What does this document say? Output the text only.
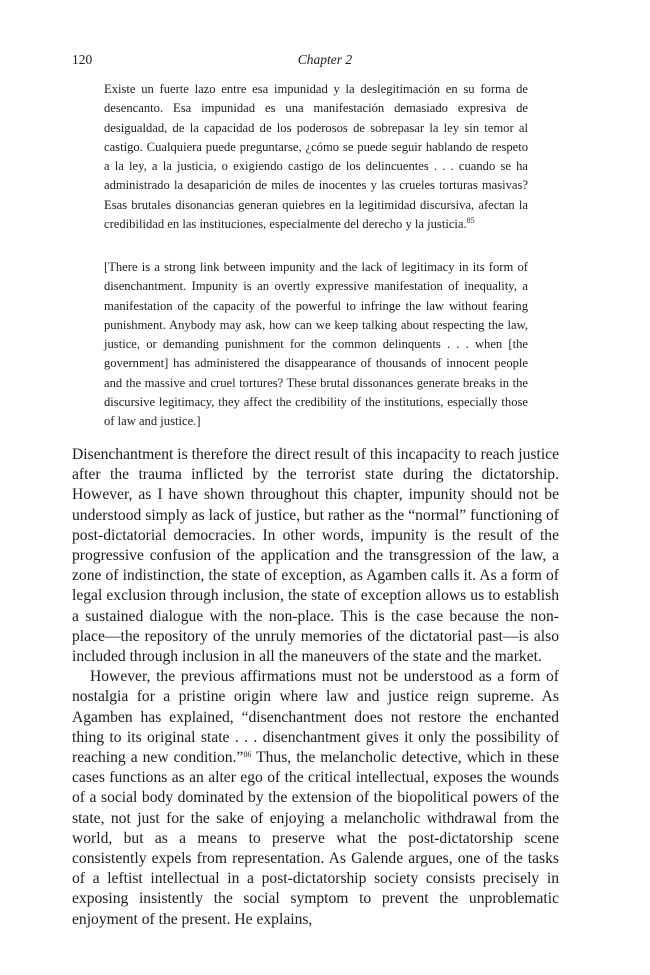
120	Chapter 2

Existe un fuerte lazo entre esa impunidad y la deslegitimación en su forma de desencanto. Esa impunidad es una manifestación demasiado expresiva de desigualdad, de la capacidad de los poderosos de sobrepasar la ley sin temor al castigo. Cualquiera puede preguntarse, ¿cómo se puede seguir hablando de respeto a la ley, a la justicia, o exigiendo castigo de los delincuentes . . . cuando se ha administrado la desaparición de miles de inocentes y las crueles torturas masivas? Esas brutales disonancias generan quiebres en la legitimidad discursiva, afectan la credibilidad en las instituciones, especialmente del derecho y la justicia.$^{85}$

[There is a strong link between impunity and the lack of legitimacy in its form of disenchantment. Impunity is an overtly expressive manifestation of inequality, a manifestation of the capacity of the powerful to infringe the law without fearing punishment. Anybody may ask, how can we keep talking about respecting the law, justice, or demanding punishment for the common delinquents . . . when [the government] has administered the disappearance of thousands of innocent people and the massive and cruel tortures? These brutal dissonances generate breaks in the discursive legitimacy, they affect the credibility of the institutions, especially those of law and justice.]

Disenchantment is therefore the direct result of this incapacity to reach justice after the trauma inflicted by the terrorist state during the dictatorship. However, as I have shown throughout this chapter, impunity should not be understood simply as lack of justice, but rather as the “normal” functioning of post-dictatorial democracies. In other words, impunity is the result of the progressive confusion of the application and the transgression of the law, a zone of indistinction, the state of exception, as Agamben calls it. As a form of legal exclusion through inclusion, the state of exception allows us to establish a sustained dialogue with the non-place. This is the case because the non-place—the repository of the unruly memories of the dictatorial past—is also included through inclusion in all the maneuvers of the state and the market.

However, the previous affirmations must not be understood as a form of nostalgia for a pristine origin where law and justice reign supreme. As Agamben has explained, “disenchantment does not restore the enchanted thing to its original state . . . disenchantment gives it only the possibility of reaching a new condition.”$^{86}$ Thus, the melancholic detective, which in these cases functions as an alter ego of the critical intellectual, exposes the wounds of a social body dominated by the extension of the biopolitical powers of the state, not just for the sake of enjoying a melancholic withdrawal from the world, but as a means to preserve what the post-dictatorship scene consistently expels from representation. As Galende argues, one of the tasks of a leftist intellectual in a post-dictatorship society consists precisely in exposing insistently the social symptom to prevent the unproblematic enjoyment of the present. He explains,
